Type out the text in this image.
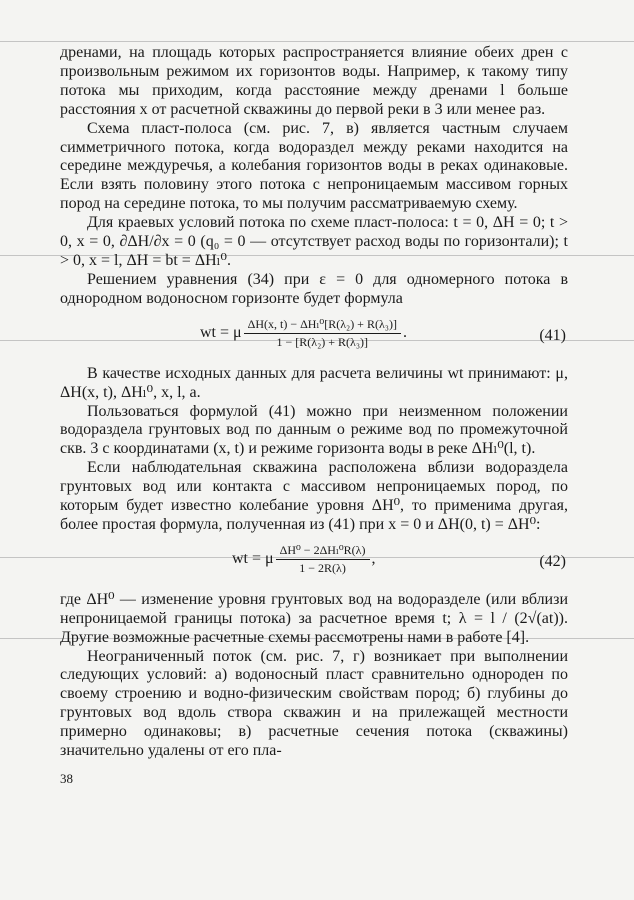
дренами, на площадь которых распространяется влияние обеих дрен с произвольным режимом их горизонтов воды. Например, к такому типу потока мы приходим, когда расстояние между дренами l больше расстояния x от расчетной скважины до первой реки в 3 или менее раз.

Схема пласт-полоса (см. рис. 7, в) является частным случаем симметричного потока, когда водораздел между реками находится на середине междуречья, а колебания горизонтов воды в реках одинаковые. Если взять половину этого потока с непроницаемым массивом горных пород на середине потока, то мы получим рассматриваемую схему.

Для краевых условий потока по схеме пласт-полоса: t = 0, ΔH = 0; t > 0, x = 0, ∂ΔH/∂x = 0 (q₀ = 0 — отсутствует расход воды по горизонтали); t > 0, x = l, ΔH = bt = ΔHₗ⁰.

Решением уравнения (34) при ε = 0 для одномерного потока в однородном водоносном горизонте будет формула

wt = μ $\frac{\text{ΔH(x, t) − ΔHₗ⁰[R(λ₂) + R(λ₃)]}}{\text{1 − [R(λ₂) + R(λ₃)]}}$ .	(41)

В качестве исходных данных для расчета величины wt принимают: μ, ΔH(x, t), ΔHₗ⁰, x, l, a.

Пользоваться формулой (41) можно при неизменном положении водораздела грунтовых вод по данным о режиме вод по промежуточной скв. 3 с координатами (x, t) и режиме горизонта воды в реке ΔHₗ⁰(l, t).

Если наблюдательная скважина расположена вблизи водораздела грунтовых вод или контакта с массивом непроницаемых пород, по которым будет известно колебание уровня ΔH⁰, то применима другая, более простая формула, полученная из (41) при x = 0 и ΔH(0, t) = ΔH⁰:

wt = μ $\frac{\text{ΔH⁰ − 2ΔHₗ⁰R(λ)}}{1 - 2R(\lambda)}$ ,	(42)

где ΔH⁰ — изменение уровня грунтовых вод на водоразделе (или вблизи непроницаемой границы потока) за расчетное время t; λ = l / (2√(at)). Другие возможные расчетные схемы рассмотрены нами в работе [4].

Неограниченный поток (см. рис. 7, г) возникает при выполнении следующих условий: а) водоносный пласт сравнительно однороден по своему строению и водно-физическим свойствам пород; б) глубины до грунтовых вод вдоль створа скважин и на прилежащей местности примерно одинаковы; в) расчетные сечения потока (скважины) значительно удалены от его пла-

38
